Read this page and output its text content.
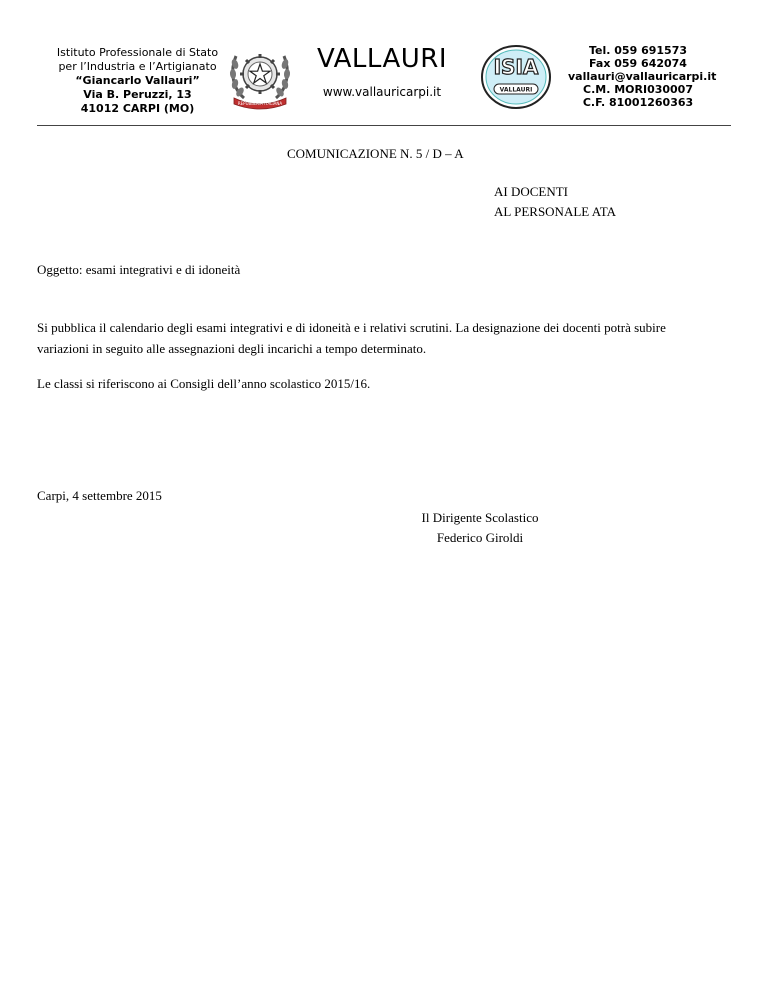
Istituto Professionale di Stato
per l’Industria e l’Artigianato
“Giancarlo Vallauri”
Via B. Peruzzi, 13
41012 CARPI (MO)	REPUBBLICA ITALIANA
VALLAURI
www.vallauricarpi.it
ISIA
VALLAURI
Tel. 059 691573
Fax 059 642074
vallauri@vallauricarpi.it
C.M. MORI030007
C.F. 81001260363
COMUNICAZIONE N. 5 / D – A
AI DOCENTI
AL PERSONALE ATA
Oggetto: esami integrativi e di idoneità
Si pubblica il calendario degli esami integrativi e di idoneità e i relativi scrutini. La designazione dei docenti potrà subire
variazioni in seguito alle assegnazioni degli incarichi a tempo determinato.
Le classi si riferiscono ai Consigli dell’anno scolastico 2015/16.
Carpi, 4 settembre 2015
Il Dirigente Scolastico
Federico Giroldi
